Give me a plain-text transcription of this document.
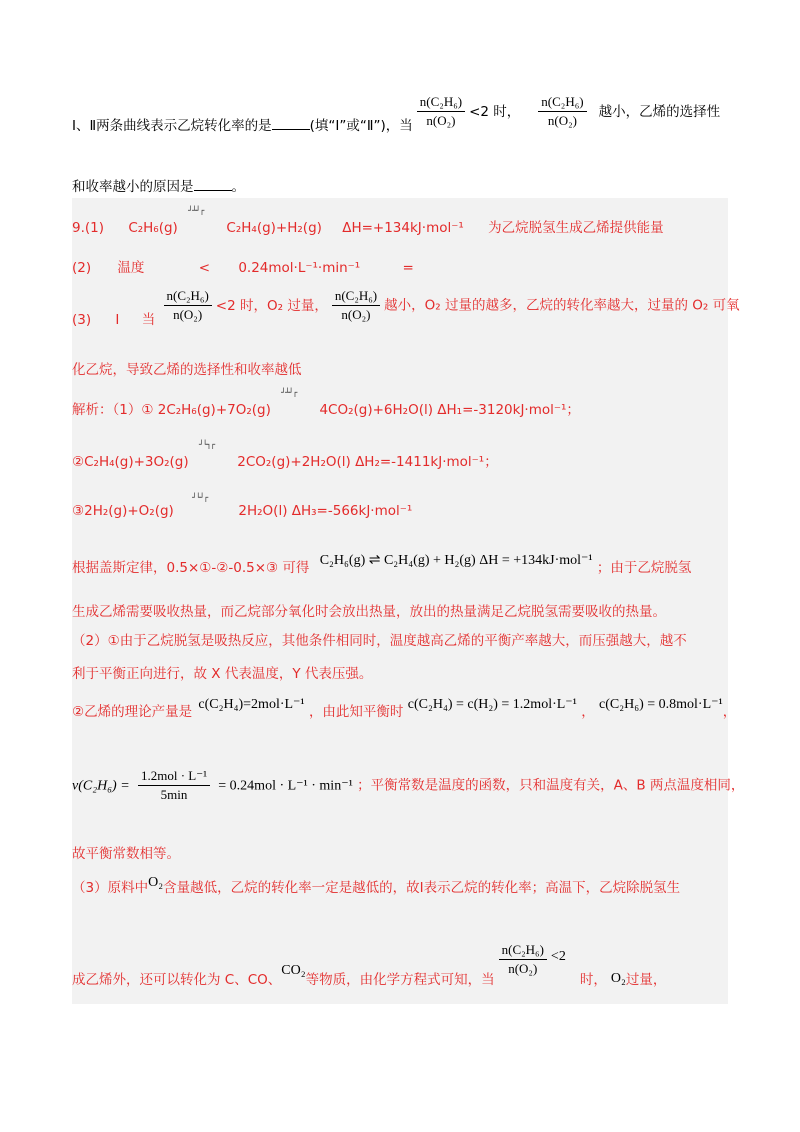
Ⅰ、Ⅱ两条曲线表示乙烷转化率的是	(填“Ⅰ”或“Ⅱ”)，当 $\frac{\text{n(C₂H₆)}}{\text{n(O₂)}} <2$ 时， $\frac{\text{n(C₂H₆)}}{\text{n(O₂)}}$ 越小，乙烯的选择性
和收率越小的原因是	。
9.(1) C₂H₆(g)
┘┴┘┌
C₂H₄(g)+H₂(g) ΔH=+134kJ·mol⁻¹ 为乙烷脱氢生成乙烯提供能量
(2) 温度	< 0.24mol·L⁻¹·min⁻¹	=
(3) Ⅰ 当 $\frac{\text{n(C₂H₆)}}{\text{n(O₂)}} <2$ 时，O₂ 过量， $\frac{\text{n(C₂H₆)}}{\text{n(O₂)}}$ 越小，O₂ 过量的越多，乙烷的转化率越大，过量的 O₂ 可氧
化乙烷，导致乙烯的选择性和收率越低
解析：（1）① 2C₂H₆(g)+7O₂(g)
┘┴┘┌
4CO₂(g)+6H₂O(l) ΔH₁=-3120kJ·mol⁻¹；
②C₂H₄(g)+3O₂(g)
┘└┐┌
2CO₂(g)+2H₂O(l) ΔH₂=-1411kJ·mol⁻¹；
③2H₂(g)+O₂(g)
┘└┘┌
2H₂O(l) ΔH₃=-566kJ·mol⁻¹
根据盖斯定律，0.5×①-②-0.5×③ 可得 C₂H₆(g) ⇌ C₂H₄(g) + H₂(g) ΔH = +134kJ·mol⁻¹ ；由于乙烷脱氢
生成乙烯需要吸收热量，而乙烷部分氧化时会放出热量，放出的热量满足乙烷脱氢需要吸收的热量。
（2）①由于乙烷脱氢是吸热反应，其他条件相同时，温度越高乙烯的平衡产率越大，而压强越大，越不
利于平衡正向进行，故 X 代表温度，Y 代表压强。
②乙烯的理论产量是 c(C₂H₄)=2mol·L⁻¹ ，由此知平衡时 c(C₂H₄) = c(H₂) = 1.2mol·L⁻¹ ， c(C₂H₆) = 0.8mol·L⁻¹，
$v(C_2H_6) = \frac{\text{1.2mol · L⁻¹}}{5\min} = 0.24mol \cdot L^{-1} \cdot \min^{-1}$ ；平衡常数是温度的函数，只和温度有关，A、B 两点温度相同，
故平衡常数相等。
（3）原料中O₂含量越低，乙烷的转化率一定是越低的，故Ⅰ表示乙烷的转化率；高温下，乙烷除脱氢生
成乙烯外，还可以转化为 C、CO、CO₂等物质，由化学方程式可知，当
$\frac{\text{n(C₂H₆)}}{\text{n(O₂)}} <2$时， O₂过量，
